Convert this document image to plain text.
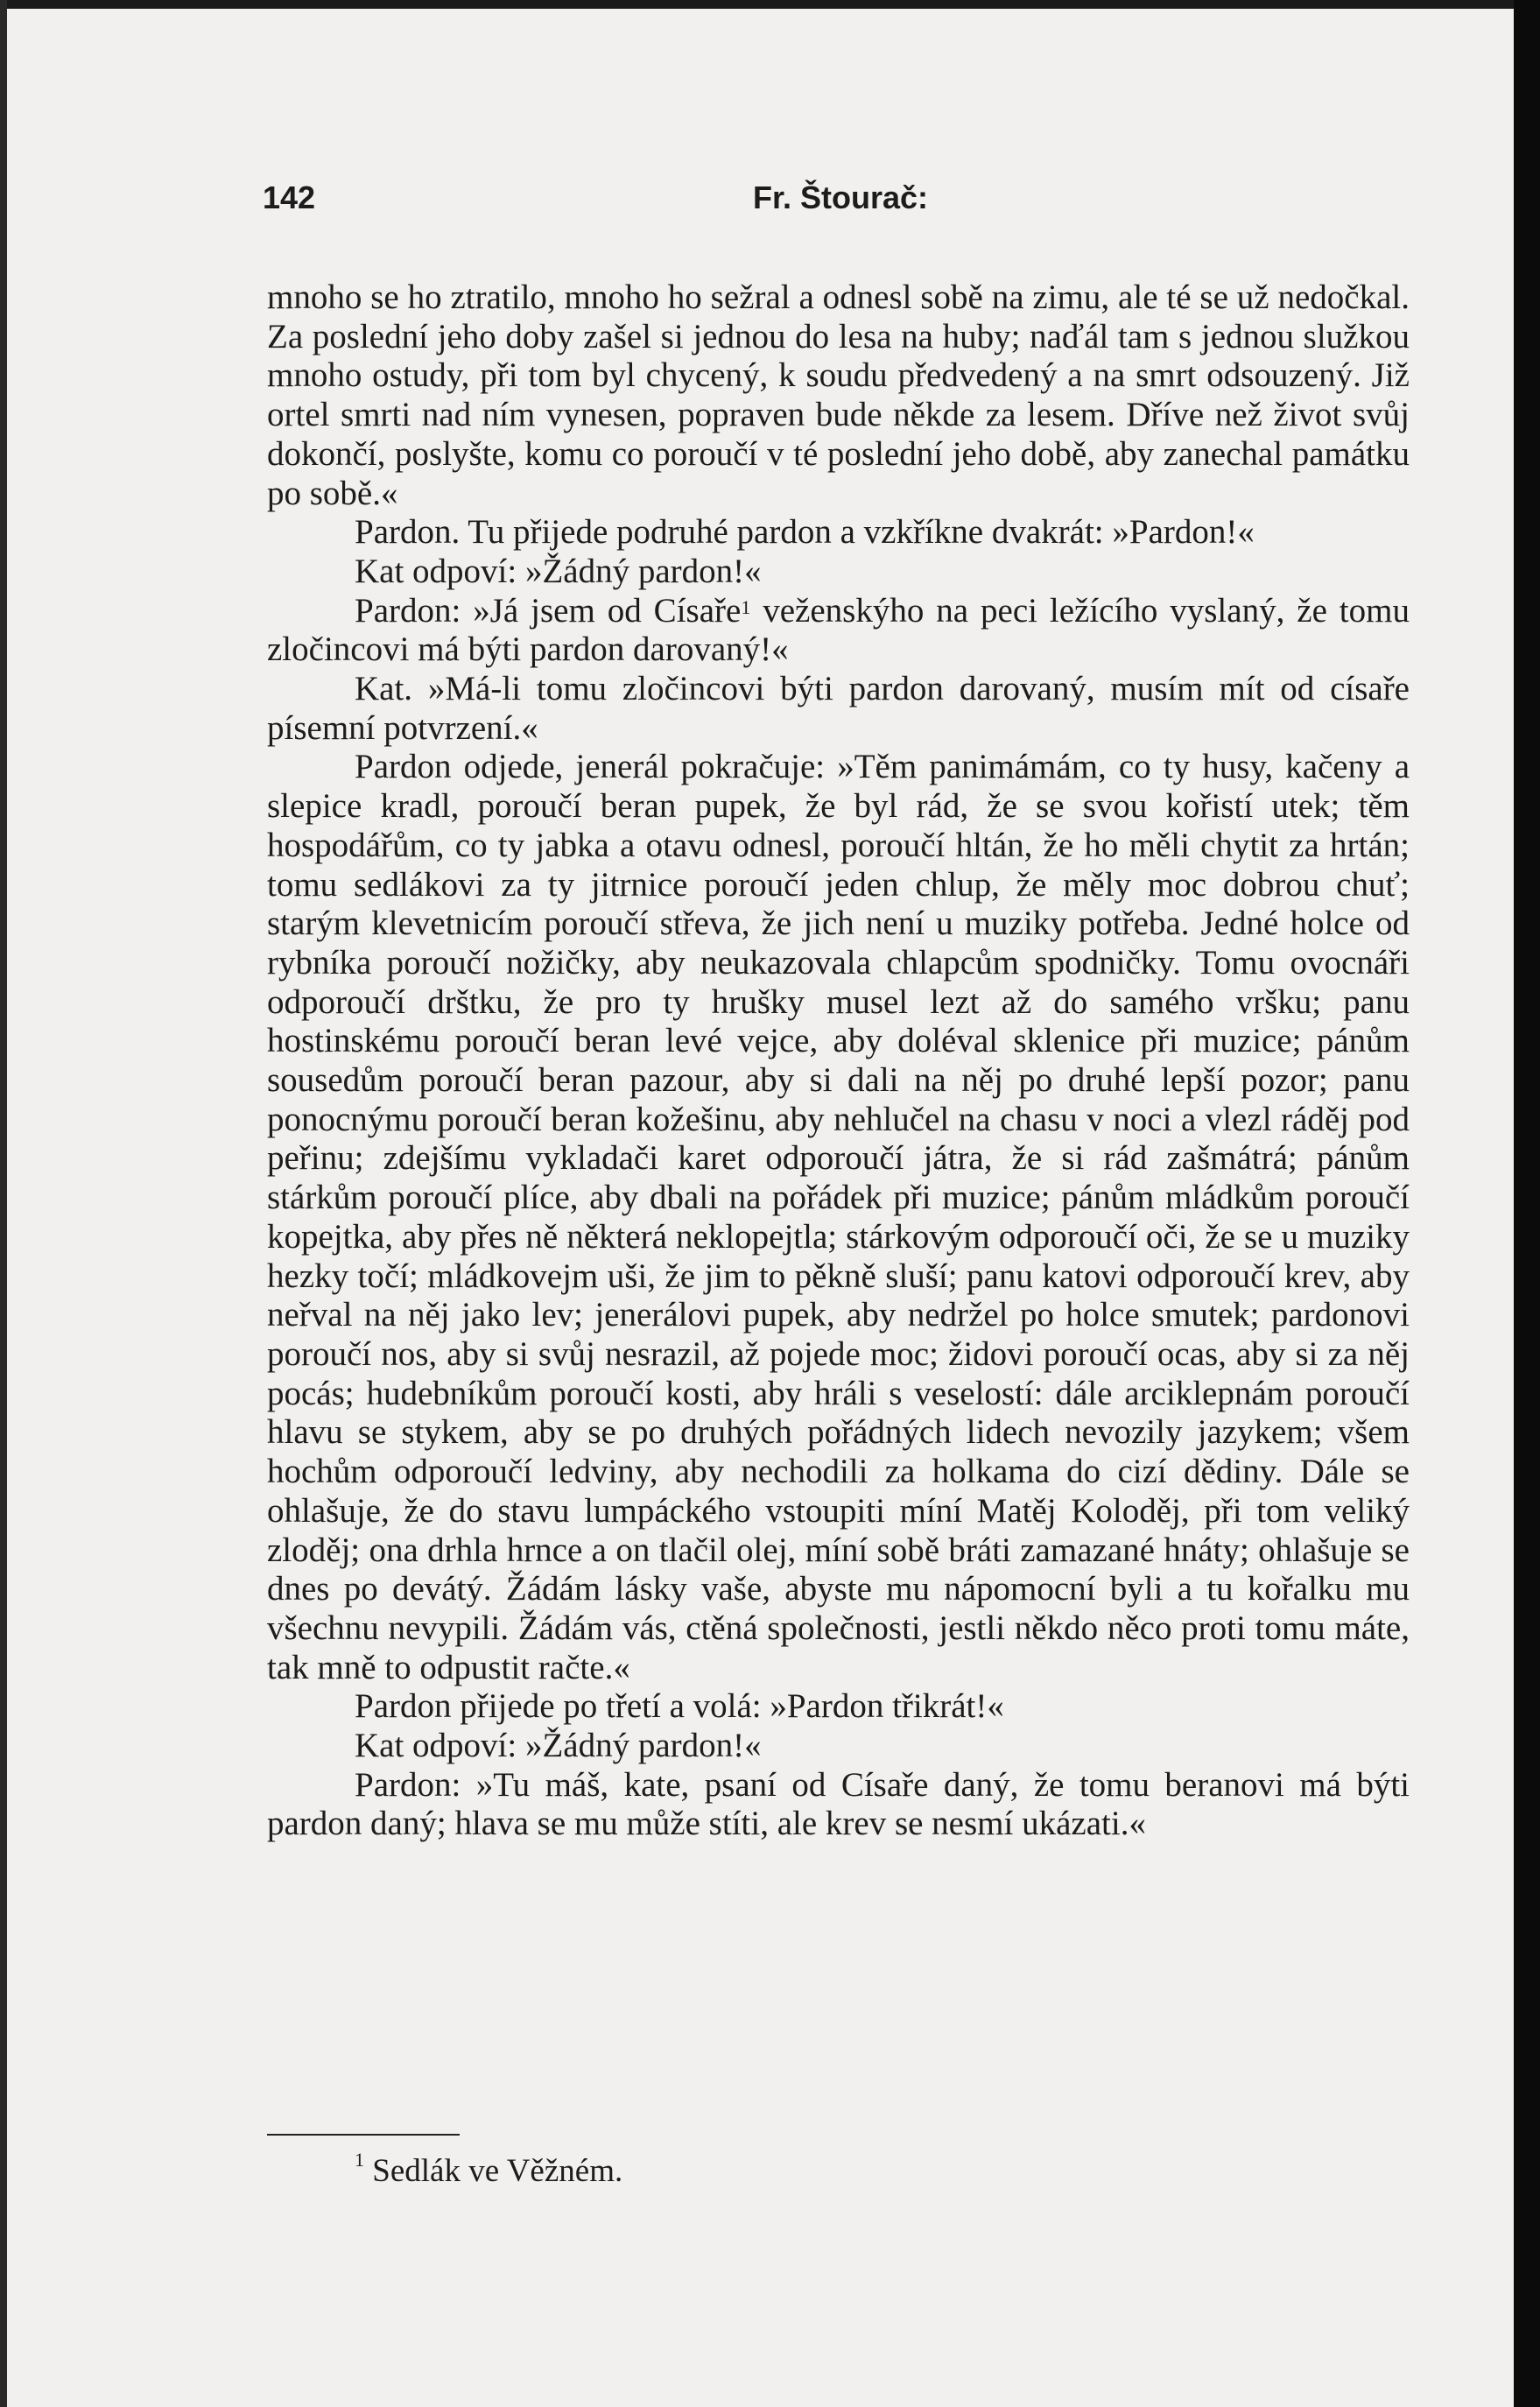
142	Fr. Štourač:

mnoho se ho ztratilo, mnoho ho sežral a odnesl sobě na zimu, ale té se už nedočkal. Za poslední jeho doby zašel si jednou do lesa na huby; naďál tam s jednou služkou mnoho ostudy, při tom byl chycený, k soudu předvedený a na smrt odsouzený. Již ortel smrti nad ním vynesen, popraven bude někde za lesem. Dříve než život svůj dokončí, poslyšte, komu co poroučí v té poslední jeho době, aby zanechal památku po sobě.«

Pardon. Tu přijede podruhé pardon a vzkříkne dvakrát: »Pardon!«

Kat odpoví: »Žádný pardon!«

Pardon: »Já jsem od Císaře$^1$ veženskýho na peci ležícího vyslaný, že tomu zločincovi má býti pardon darovaný!«

Kat. »Má-li tomu zločincovi býti pardon darovaný, musím mít od císaře písemní potvrzení.«

Pardon odjede, jenerál pokračuje: »Těm panimámám, co ty husy, kačeny a slepice kradl, poroučí beran pupek, že byl rád, že se svou kořistí utek; těm hospodářům, co ty jabka a otavu odnesl, poroučí hltán, že ho měli chytit za hrtán; tomu sedlákovi za ty jitrnice poroučí jeden chlup, že měly moc dobrou chuť; starým klevetnicím poroučí střeva, že jich není u muziky potřeba. Jedné holce od rybníka poroučí nožičky, aby neukazovala chlapcům spodničky. Tomu ovocnáři odporoučí drštku, že pro ty hrušky musel lezt až do samého vršku; panu hostinskému poroučí beran levé vejce, aby doléval sklenice při muzice; pánům sousedům poroučí beran pazour, aby si dali na něj po druhé lepší pozor; panu ponocnýmu poroučí beran kožešinu, aby nehlučel na chasu v noci a vlezl ráděj pod peřinu; zdejšímu vykladači karet odporoučí játra, že si rád zašmátrá; pánům stárkům poroučí plíce, aby dbali na pořádek při muzice; pánům mládkům poroučí kopejtka, aby přes ně některá neklopejtla; stárkovým odporoučí oči, že se u muziky hezky točí; mládkovejm uši, že jim to pěkně sluší; panu katovi odporoučí krev, aby neřval na něj jako lev; jenerálovi pupek, aby nedržel po holce smutek; pardonovi poroučí nos, aby si svůj nesrazil, až pojede moc; židovi poroučí ocas, aby si za něj pocás; hudebníkům poroučí kosti, aby hráli s veselostí: dále arciklepnám poroučí hlavu se stykem, aby se po druhých pořádných lidech nevozily jazykem; všem hochům odporoučí ledviny, aby nechodili za holkama do cizí dědiny. Dále se ohlašuje, že do stavu lumpáckého vstoupiti míní Matěj Koloděj, při tom veliký zloděj; ona drhla hrnce a on tlačil olej, míní sobě bráti zamazané hnáty; ohlašuje se dnes po devátý. Žádám lásky vaše, abyste mu nápomocní byli a tu kořalku mu všechnu nevypili. Žádám vás, ctěná společnosti, jestli někdo něco proti tomu máte, tak mně to odpustit račte.«

Pardon přijede po třetí a volá: »Pardon třikrát!«

Kat odpoví: »Žádný pardon!«

Pardon: »Tu máš, kate, psaní od Císaře daný, že tomu beranovi má býti pardon daný; hlava se mu může stíti, ale krev se nesmí ukázati.«

$^1$ Sedlák ve Věžném.
